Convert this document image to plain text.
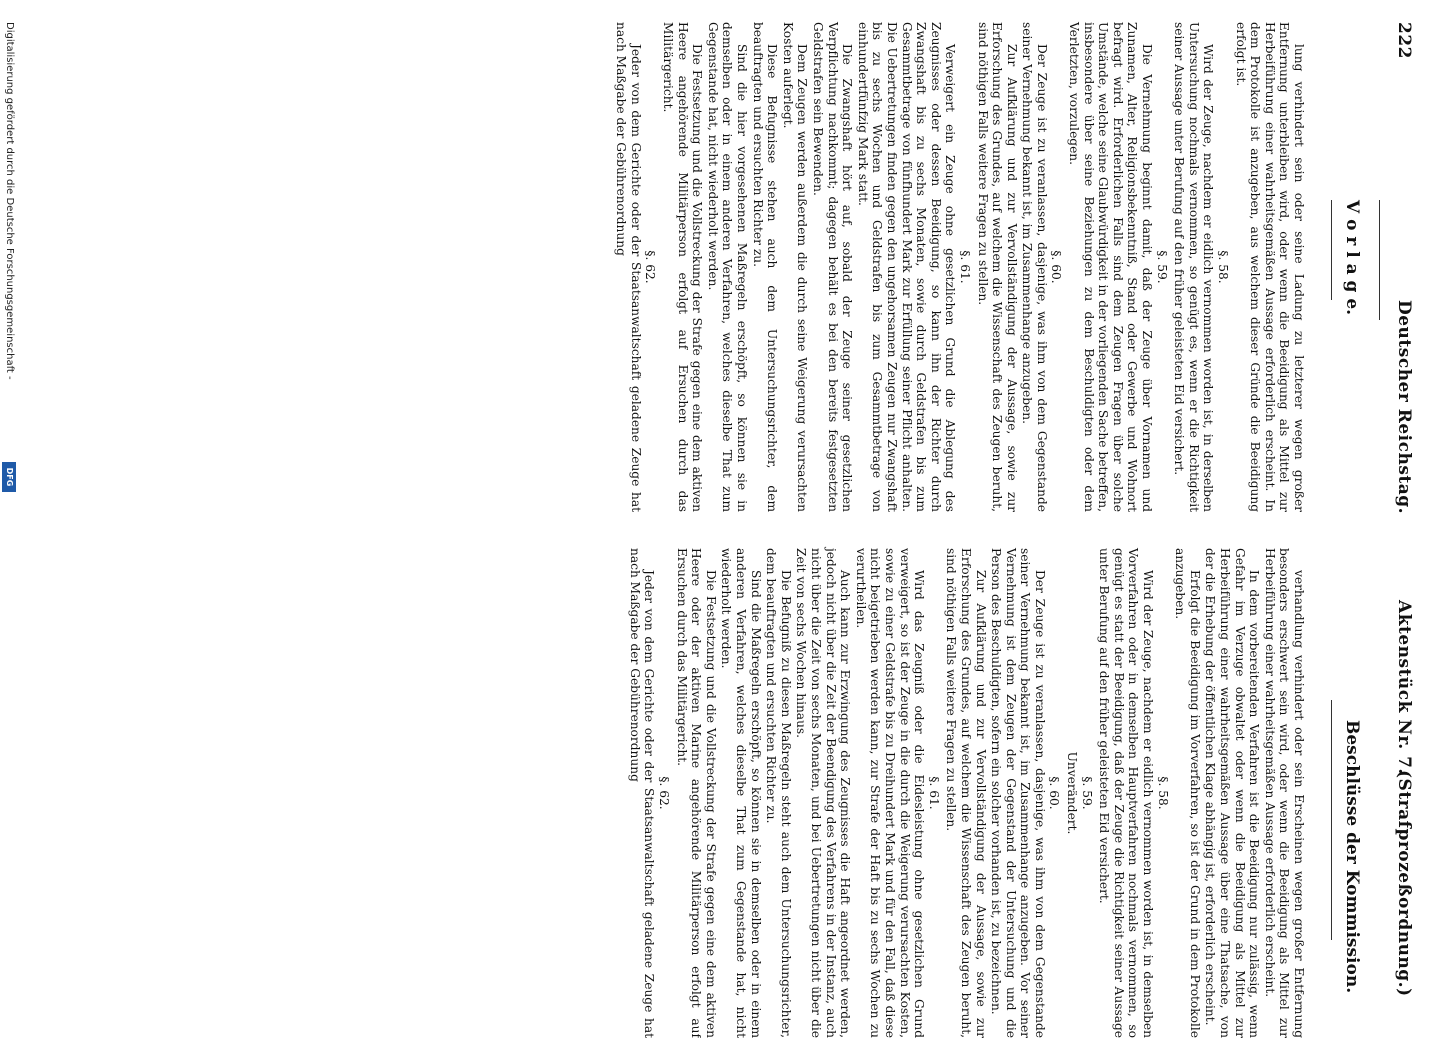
222
Deutscher Reichstag.
Aktenstück Nr. 7.
(Strafprozeßordnung.)
V o r l a g e.
Beschlüsse der Kommission.
lung verhindert sein oder seine Ladung zu letzterer wegen großer Entfernung unterbleiben wird, oder wenn die Beeidigung als Mittel zur Herbeiführung einer wahrheitsgemäßen Aussage erforderlich erscheint. In dem Protokolle ist anzugeben, aus welchem dieser Gründe die Beeidigung erfolgt ist.
§. 58.
Wird der Zeuge, nachdem er eidlich vernommen worden ist, in derselben Untersuchung nochmals vernommen, so genügt es, wenn er die Richtigkeit seiner Aussage unter Berufung auf den früher geleisteten Eid versichert.
§. 59.
Die Vernehmung beginnt damit, daß der Zeuge über Vornamen und Zunamen, Alter, Religionsbekenntniß, Stand oder Gewerbe und Wohnort befragt wird. Erforderlichen Falls sind dem Zeugen Fragen über solche Umstände, welche seine Glaubwürdigkeit in der vorliegenden Sache betreffen, insbesondere über seine Beziehungen zu dem Beschuldigten oder dem Verletzten, vorzulegen.
§. 60.
Der Zeuge ist zu veranlassen, dasjenige, was ihm von dem Gegenstande seiner Vernehmung bekannt ist, im Zusammenhange anzugeben.
Zur Aufklärung und zur Vervollständigung der Aussage, sowie zur Erforschung des Grundes, auf welchem die Wissenschaft des Zeugen beruht, sind nöthigen Falls weitere Fragen zu stellen.
§. 61.
Verweigert ein Zeuge ohne gesetzlichen Grund die Ablegung des Zeugnisses oder dessen Beeidigung, so kann ihn der Richter durch Zwangshaft bis zu sechs Monaten, sowie durch Geldstrafen bis zum Gesammtbetrage von fünfhundert Mark zur Erfüllung seiner Pflicht anhalten. Die Uebertretungen finden gegen den ungehorsamen Zeugen nur Zwangshaft bis zu sechs Wochen und Geldstrafen bis zum Gesammtbetrage von einhundertfünfzig Mark statt.
Die Zwangshaft hört auf, sobald der Zeuge seiner gesetzlichen Verpflichtung nachkommt; dagegen behält es bei den bereits festgesetzten Geldstrafen sein Bewenden.
Dem Zeugen werden außerdem die durch seine Weigerung verursachten Kosten auferlegt.
Diese Befugnisse stehen auch dem Untersuchungsrichter, dem beauftragten und ersuchten Richter zu.
Sind die hier vorgesehenen Maßregeln erschöpft, so können sie in demselben oder in einem anderen Verfahren, welches dieselbe That zum Gegenstande hat, nicht wiederholt werden.
Die Festsetzung und die Vollstreckung der Strafe gegen eine dem aktiven Heere angehörende Militärperson erfolgt auf Ersuchen durch das Militärgericht.
§. 62.
Jeder von dem Gerichte oder der Staatsanwaltschaft geladene Zeuge hat nach Maßgabe der Gebührenordnung
verhandlung verhindert oder sein Erscheinen wegen großer Entfernung besonders erschwert sein wird, oder wenn die Beeidigung als Mittel zur Herbeiführung einer wahrheitsgemäßen Aussage erforderlich erscheint.
In dem vorbereitenden Verfahren ist die Beeidigung nur zulässig, wenn Gefahr im Verzuge obwaltet oder wenn die Beeidigung als Mittel zur Herbeiführung einer wahrheitsgemäßen Aussage über eine Thatsache, von der die Erhebung der öffentlichen Klage abhängig ist, erforderlich erscheint.
Erfolgt die Beeidigung im Vorverfahren, so ist der Grund in dem Protokolle anzugeben.
§. 58.
Wird der Zeuge, nachdem er eidlich vernommen worden ist, in demselben Vorverfahren oder in demselben Hauptverfahren nochmals vernommen, so genügt es statt der Beeidigung, daß der Zeuge die Richtigkeit seiner Aussage unter Berufung auf den früher geleisteten Eid versichert.
§. 59.
Unverändert.
§. 60.
Der Zeuge ist zu veranlassen, dasjenige, was ihm von dem Gegenstande seiner Vernehmung bekannt ist, im Zusammenhange anzugeben. Vor seiner Vernehmung ist dem Zeugen der Gegenstand der Untersuchung und die Person des Beschuldigten, sofern ein solcher vorhanden ist, zu bezeichnen.
Zur Aufklärung und zur Vervollständigung der Aussage, sowie zur Erforschung des Grundes, auf welchem die Wissenschaft des Zeugen beruht, sind nöthigen Falls weitere Fragen zu stellen.
§. 61.
Wird das Zeugniß oder die Eidesleistung ohne gesetzlichen Grund verweigert, so ist der Zeuge in die durch die Weigerung verursachten Kosten, sowie zu einer Geldstrafe bis zu Dreihundert Mark und für den Fall, daß diese nicht beigetrieben werden kann, zur Strafe der Haft bis zu sechs Wochen zu verurtheilen.
Auch kann zur Erzwingung des Zeugnisses die Haft angeordnet werden, jedoch nicht über die Zeit der Beendigung des Verfahrens in der Instanz, auch nicht über die Zeit von sechs Monaten, und bei Uebertretungen nicht über die Zeit von sechs Wochen hinaus.
Die Befugniß zu diesen Maßregeln steht auch dem Untersuchungsrichter, dem beauftragten und ersuchten Richter zu.
Sind die Maßregeln erschöpft, so können sie in demselben oder in einem anderen Verfahren, welches dieselbe That zum Gegenstande hat, nicht wiederholt werden.
Die Festsetzung und die Vollstreckung der Strafe gegen eine dem aktiven Heere oder der aktiven Marine angehörende Militärperson erfolgt auf Ersuchen durch das Militärgericht.
§. 62.
Jeder von dem Gerichte oder der Staatsanwaltschaft geladene Zeuge hat nach Maßgabe der Gebührenordnung
Digitalisierung gefördert durch die Deutsche Forschungsgemeinschaft -
DFG
